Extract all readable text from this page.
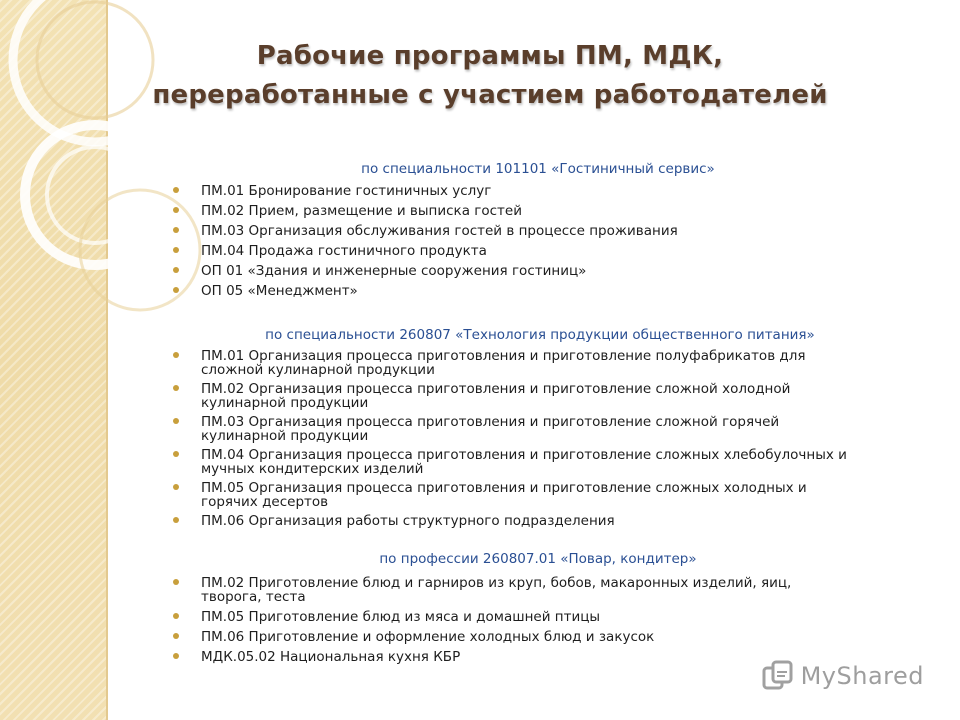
Рабочие программы ПМ, МДК,
переработанные с участием работодателей
по специальности 101101 «Гостиничный сервис»
ПМ.01 Бронирование гостиничных услуг
ПМ.02 Прием, размещение и выписка гостей
ПМ.03 Организация обслуживания гостей в процессе проживания
ПМ.04 Продажа гостиничного продукта
ОП 01 «Здания и инженерные сооружения гостиниц»
ОП 05 «Менеджмент»
по специальности 260807 «Технология продукции общественного питания»
ПМ.01 Организация процесса приготовления и приготовление полуфабрикатов для
сложной кулинарной продукции
ПМ.02 Организация процесса приготовления и приготовление сложной холодной
кулинарной продукции
ПМ.03 Организация процесса приготовления и приготовление сложной горячей
кулинарной продукции
ПМ.04 Организация процесса приготовления и приготовление сложных хлебобулочных и
мучных кондитерских изделий
ПМ.05 Организация процесса приготовления и приготовление сложных холодных и
горячих десертов
ПМ.06 Организация работы структурного подразделения
по профессии 260807.01 «Повар, кондитер»
ПМ.02 Приготовление блюд и гарниров из круп, бобов, макаронных изделий, яиц,
творога, теста
ПМ.05 Приготовление блюд из мяса и домашней птицы
ПМ.06 Приготовление и оформление холодных блюд и закусок
МДК.05.02 Национальная кухня КБР
MyShared
